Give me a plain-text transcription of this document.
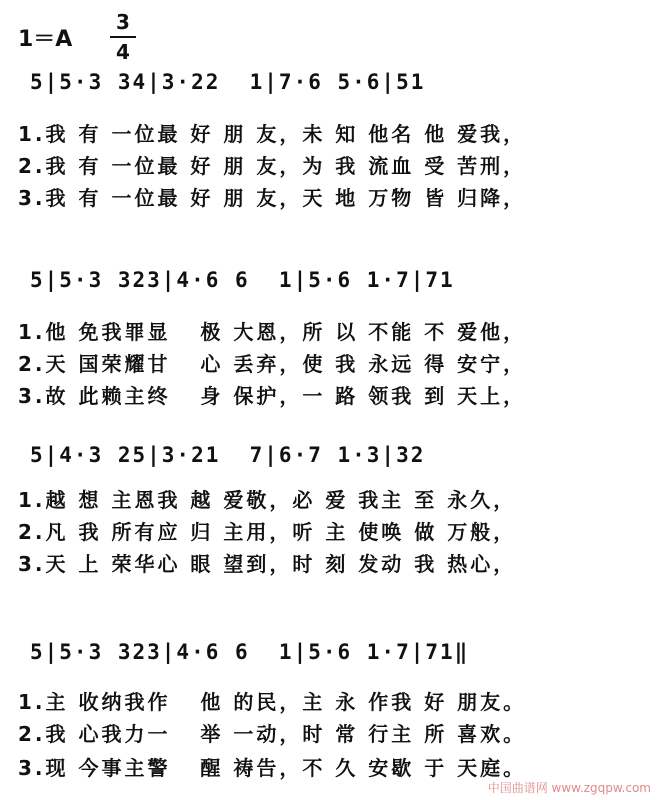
1＝A
3
4
5|5·3 34|3·22  1|7·6 5·6|51
1.我 有 一位最 好 朋 友，未 知 他名 他 爱我，
2.我 有 一位最 好 朋 友，为 我 流血 受 苦刑，
3.我 有 一位最 好 朋 友，天 地 万物 皆 归降，
5|5·3 323|4·6 6  1|5·6 1·7|71
1.他 免我罪显   极 大恩，所 以 不能 不 爱他，
2.天 国荣耀甘   心 丢弃，使 我 永远 得 安宁，
3.故 此赖主终   身 保护，一 路 领我 到 天上，
5|4·3 25|3·21  7|6·7 1·3|32
1.越 想 主恩我 越 爱敬，必 爱 我主 至 永久，
2.凡 我 所有应 归 主用，听 主 使唤 做 万般，
3.天 上 荣华心 眼 望到，时 刻 发动 我 热心，
5|5·3 323|4·6 6  1|5·6 1·7|71‖
1.主 收纳我作   他 的民，主 永 作我 好 朋友。
2.我 心我力一   举 一动，时 常 行主 所 喜欢。
3.现 今事主警   醒 祷告，不 久 安歇 于 天庭。
中国曲谱网 www.zgqpw.com
